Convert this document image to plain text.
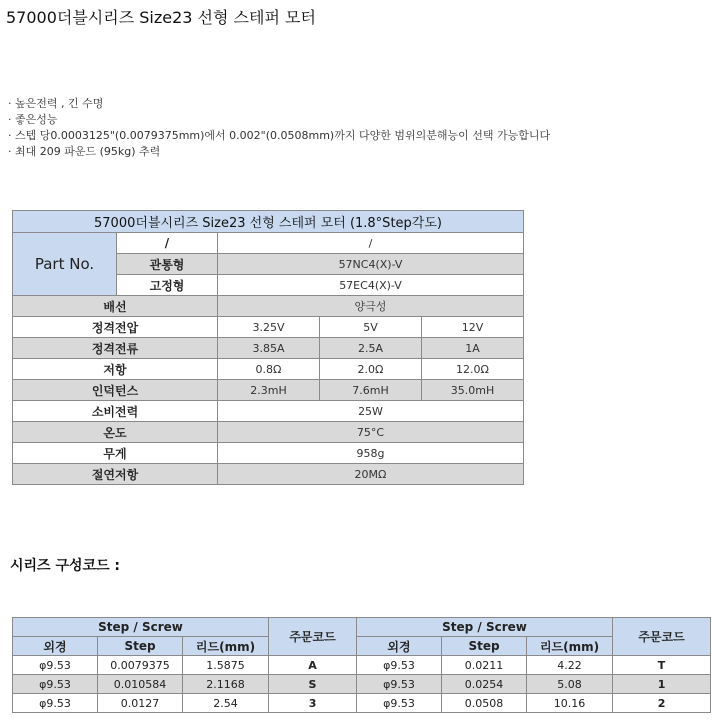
57000더블시리즈 Size23 선형 스테퍼 모터
· 높은전력 , 긴 수명
· 좋은성능
· 스텝 당0.0003125"(0.0079375mm)에서 0.002"(0.0508mm)까지 다양한 범위의분해능이 선택 가능합니다
· 최대 209 파운드 (95kg) 추력
57000더블시리즈 Size23 선형 스테퍼 모터 (1.8°Step각도)				
Part No.	/	/		
	관통형	57NC4(X)-V		
	고정형	57EC4(X)-V		
배선		양극성		
정격전압		3.25V	5V	12V
정격전류		3.85A	2.5A	1A
저항		0.8Ω	2.0Ω	12.0Ω
인덕턴스		2.3mH	7.6mH	35.0mH
소비전력		25W		
온도		75°C		
무게		958g		
절연저항		20MΩ		
시리즈 구성코드 :
Step / Screw			주문코드	Step / Screw			주문코드
외경	Step	리드(mm)		외경	Step	리드(mm)	
φ9.53	0.0079375	1.5875	A	φ9.53	0.0211	4.22	T
φ9.53	0.010584	2.1168	S	φ9.53	0.0254	5.08	1
φ9.53	0.0127	2.54	3	φ9.53	0.0508	10.16	2
